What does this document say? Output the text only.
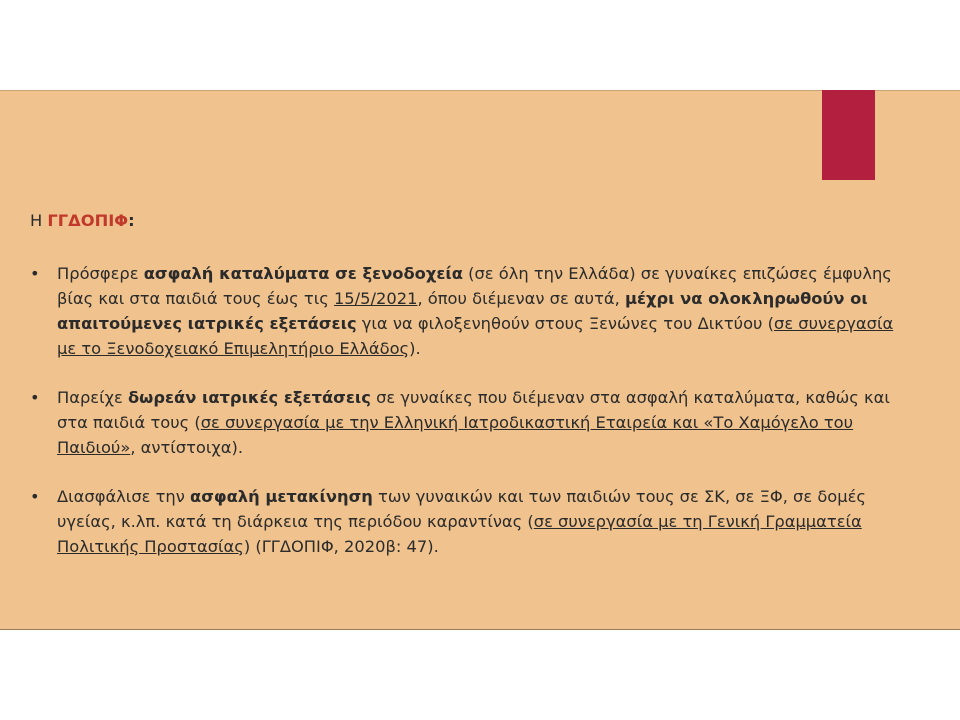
Η ΓΓΔΟΠΙΦ:

• Πρόσφερε ασφαλή καταλύματα σε ξενοδοχεία (σε όλη την Ελλάδα) σε γυναίκες επιζώσες έμφυλης βίας και στα παιδιά τους έως τις 15/5/2021, όπου διέμεναν σε αυτά, μέχρι να ολοκληρωθούν οι απαιτούμενες ιατρικές εξετάσεις για να φιλοξενηθούν στους Ξενώνες του Δικτύου (σε συνεργασία με το Ξενοδοχειακό Επιμελητήριο Ελλάδος).
• Παρείχε δωρεάν ιατρικές εξετάσεις σε γυναίκες που διέμεναν στα ασφαλή καταλύματα, καθώς και στα παιδιά τους (σε συνεργασία με την Ελληνική Ιατροδικαστική Εταιρεία και «Το Χαμόγελο του Παιδιού», αντίστοιχα).
• Διασφάλισε την ασφαλή μετακίνηση των γυναικών και των παιδιών τους σε ΣΚ, σε ΞΦ, σε δομές υγείας, κ.λπ. κατά τη διάρκεια της περιόδου καραντίνας (σε συνεργασία με τη Γενική Γραμματεία Πολιτικής Προστασίας) (ΓΓΔΟΠΙΦ, 2020β: 47).
